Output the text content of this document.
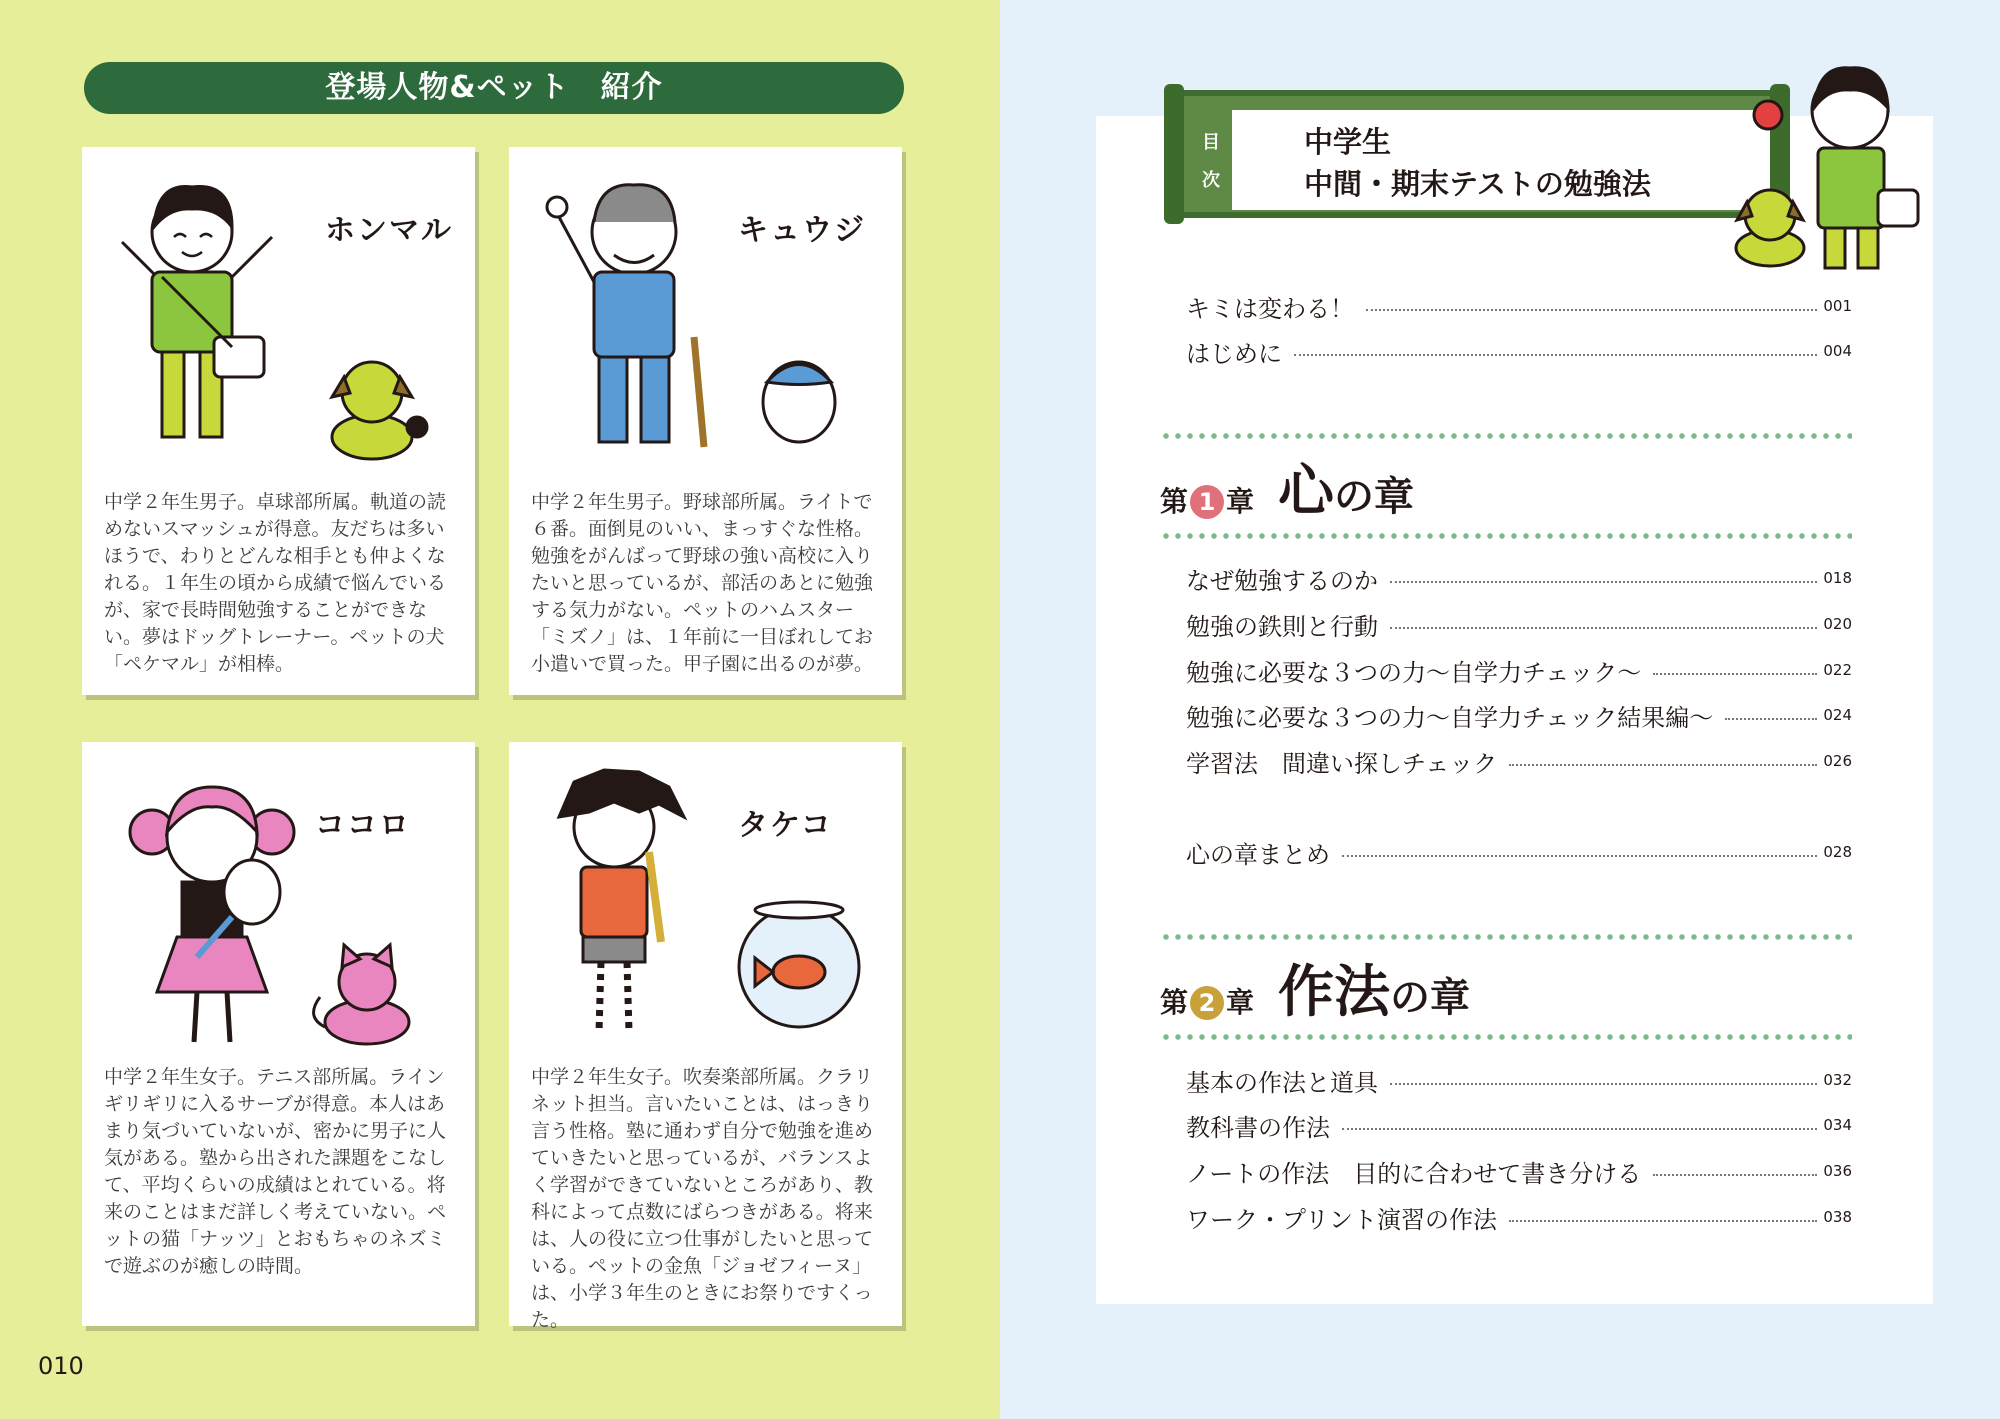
登場人物&ペット　紹介
ホンマル
中学２年生男子。卓球部所属。軌道の読めないスマッシュが得意。友だちは多いほうで、わりとどんな相手とも仲よくなれる。１年生の頃から成績で悩んでいるが、家で長時間勉強することができない。夢はドッグトレーナー。ペットの犬「ペケマル」が相棒。
キュウジ
中学２年生男子。野球部所属。ライトで６番。面倒見のいい、まっすぐな性格。勉強をがんばって野球の強い高校に入りたいと思っているが、部活のあとに勉強する気力がない。ペットのハムスター「ミズノ」は、１年前に一目ぼれしてお小遣いで買った。甲子園に出るのが夢。
ココロ
中学２年生女子。テニス部所属。ラインギリギリに入るサーブが得意。本人はあまり気づいていないが、密かに男子に人気がある。塾から出された課題をこなして、平均くらいの成績はとれている。将来のことはまだ詳しく考えていない。ペットの猫「ナッツ」とおもちゃのネズミで遊ぶのが癒しの時間。
タケコ
中学２年生女子。吹奏楽部所属。クラリネット担当。言いたいことは、はっきり言う性格。塾に通わず自分で勉強を進めていきたいと思っているが、バランスよく学習ができていないところがあり、教科によって点数にばらつきがある。将来は、人の役に立つ仕事がしたいと思っている。ペットの金魚「ジョゼフィーヌ」は、小学３年生のときにお祭りですくった。
010
中学生
中間・期末テストの勉強法
目
次
キミは変わる！	001
はじめに	004
第 1 章 心 の章
なぜ勉強するのか	018
勉強の鉄則と行動	020
勉強に必要な３つの力〜自学力チェック〜	022
勉強に必要な３つの力〜自学力チェック結果編〜	024
学習法　間違い探しチェック	026
心の章まとめ	028
第 2 章 作法 の章
基本の作法と道具	032
教科書の作法	034
ノートの作法　目的に合わせて書き分ける	036
ワーク・プリント演習の作法	038
